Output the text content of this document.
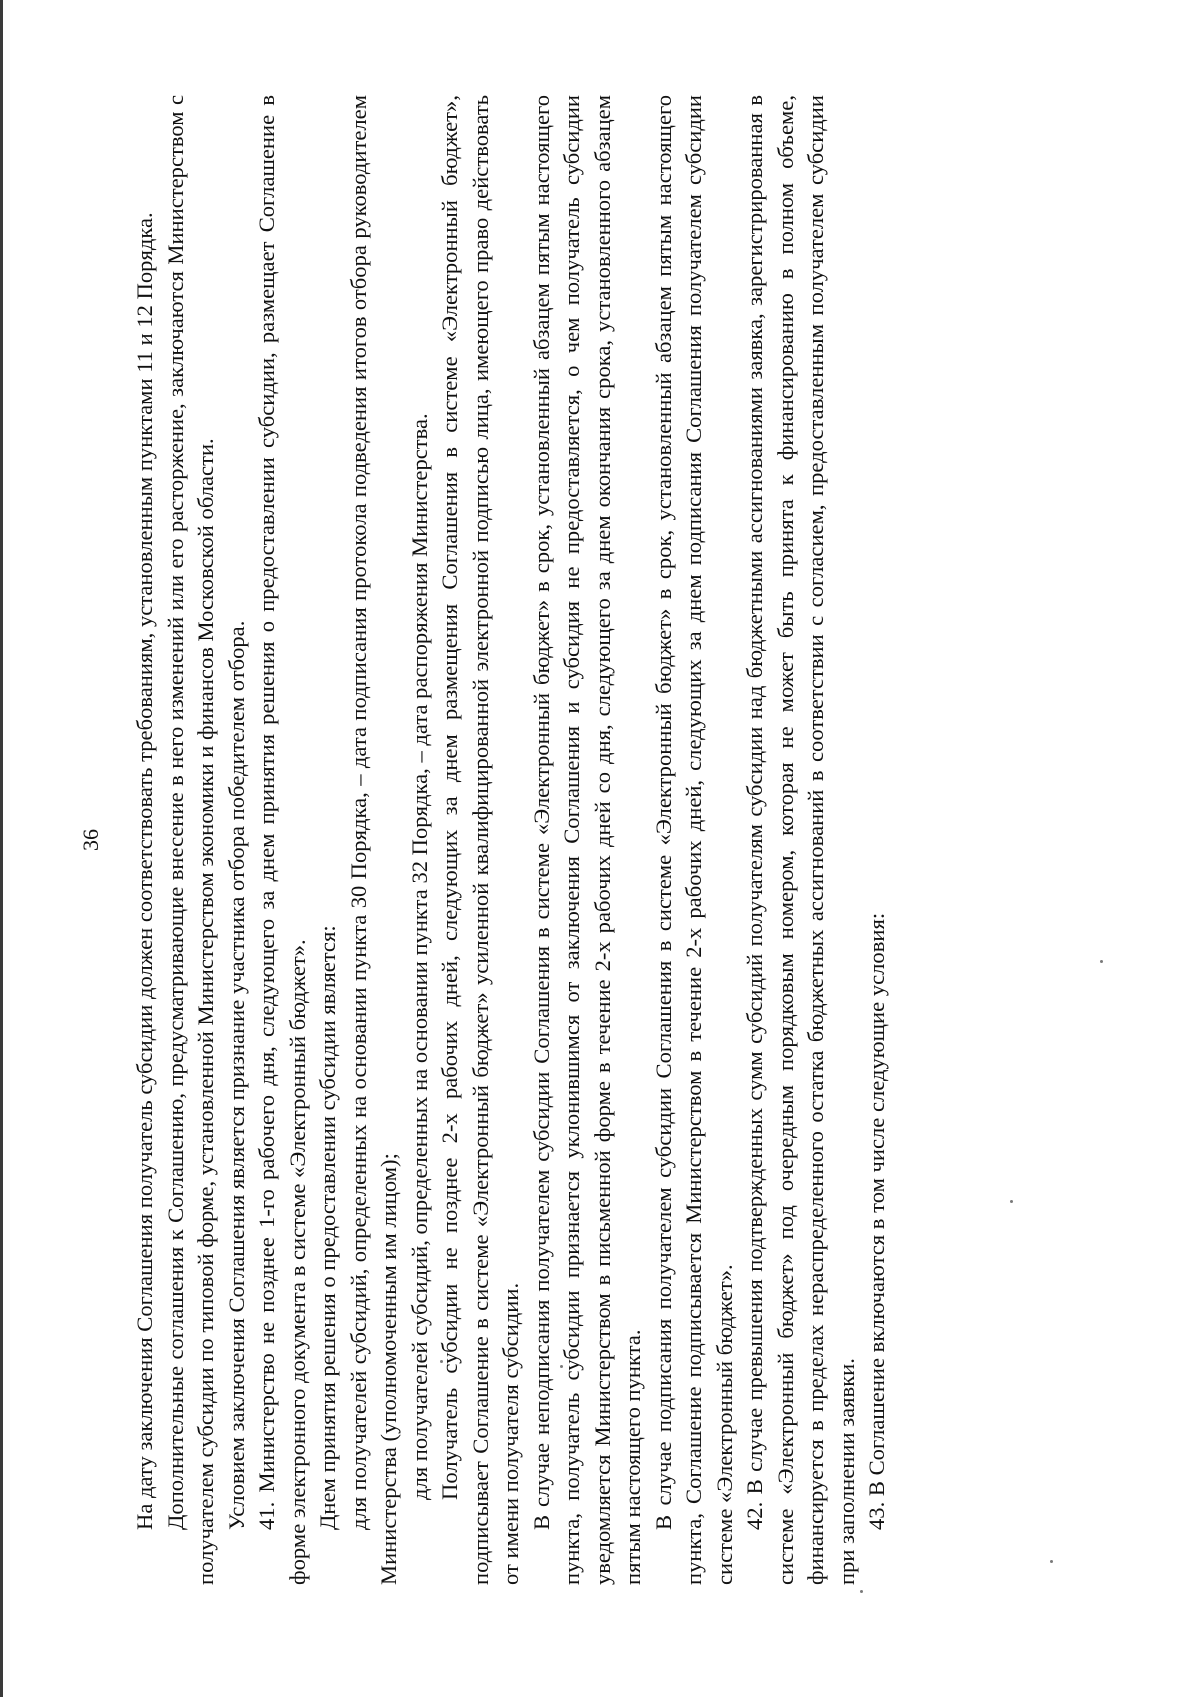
36 На дату заключения Соглашения получатель субсидии должен соответствовать требованиям, установленным пунктами 11 и 12 Порядка. Дополнительные соглашения к Соглашению, предусматривающие внесение в него изменений или его расторжение, заключаются Министерством с получателем субсидии по типовой форме, установленной Министерством экономики и финансов Московской области. Условием заключения Соглашения является признание участника отбора победителем отбора. 41. Министерство не позднее 1-го рабочего дня, следующего за днем принятия решения о предоставлении субсидии, размещает Соглашение в форме электронного документа в системе «Электронный бюджет». Днем принятия решения о предоставлении субсидии является: для получателей субсидий, определенных на основании пункта 30 Порядка, – дата подписания протокола подведения итогов отбора руководителем Министерства (уполномоченным им лицом); для получателей субсидий, определенных на основании пункта 32 Порядка, – дата распоряжения Министерства. Получатель субсидии не позднее 2-х рабочих дней, следующих за днем размещения Соглашения в системе «Электронный бюджет», подписывает Соглашение в системе «Электронный бюджет» усиленной квалифицированной электронной подписью лица, имеющего право действовать от имени получателя субсидии. В случае неподписания получателем субсидии Соглашения в системе «Электронный бюджет» в срок, установленный абзацем пятым настоящего пункта, получатель субсидии признается уклонившимся от заключения Соглашения и субсидия не предоставляется, о чем получатель субсидии уведомляется Министерством в письменной форме в течение 2-х рабочих дней со дня, следующего за днем окончания срока, установленного абзацем пятым настоящего пункта. В случае подписания получателем субсидии Соглашения в системе «Электронный бюджет» в срок, установленный абзацем пятым настоящего пункта, Соглашение подписывается Министерством в течение 2-х рабочих дней, следующих за днем подписания Соглашения получателем субсидии системе «Электронный бюджет». 42. В случае превышения подтвержденных сумм субсидий получателям субсидии над бюджетными ассигнованиями заявка, зарегистрированная в системе «Электронный бюджет» под очередным порядковым номером, которая не может быть принята к финансированию в полном объеме, финансируется в пределах нераспределенного остатка бюджетных ассигнований в соответствии с согласием, предоставленным получателем субсидии при заполнении заявки. 43. В Соглашение включаются в том числе следующие условия:
